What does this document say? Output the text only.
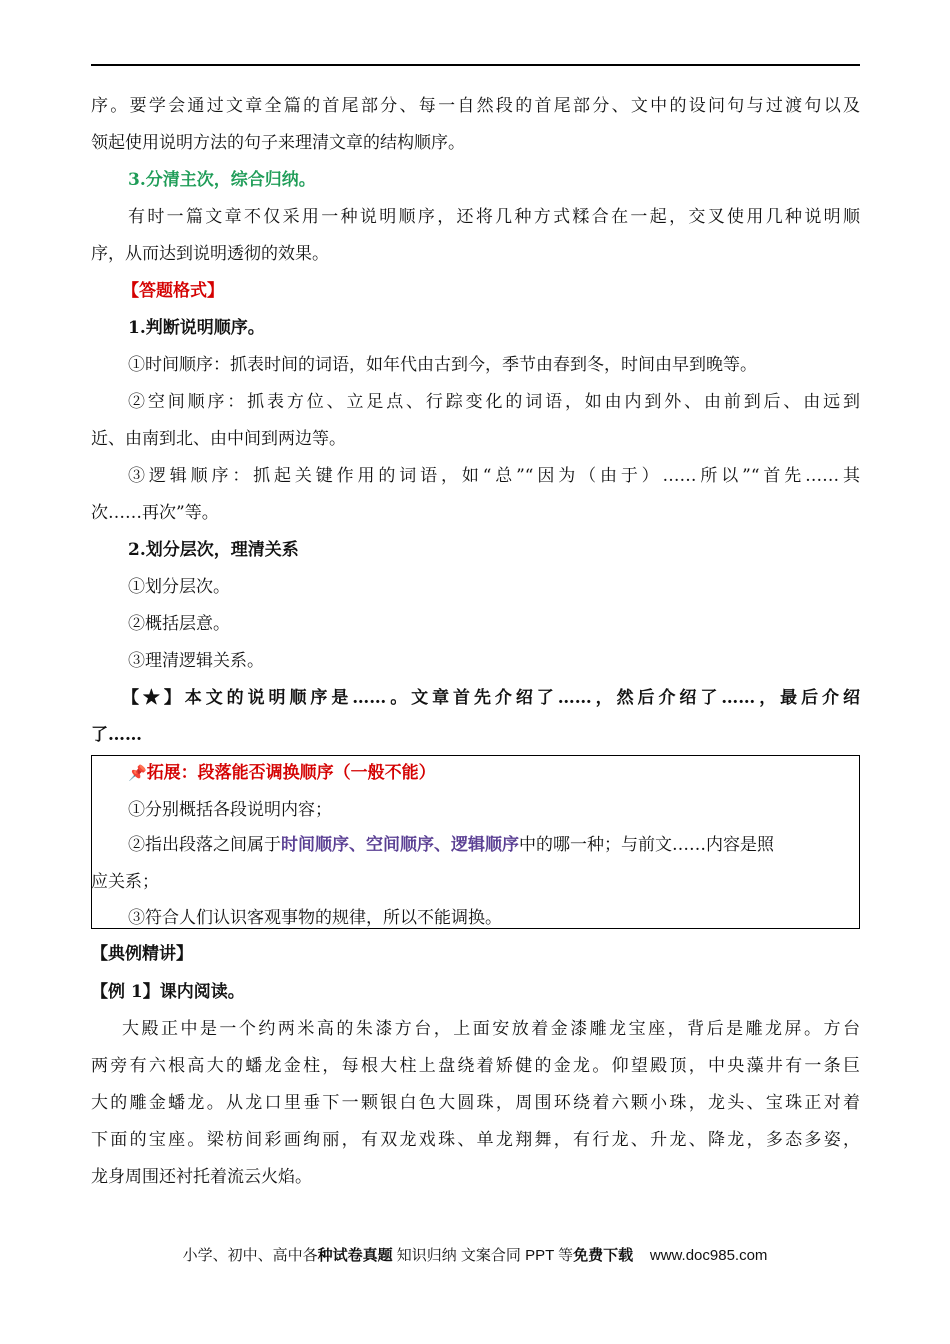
序。要学会通过文章全篇的首尾部分、每一自然段的首尾部分、文中的设问句与过渡句以及
领起使用说明方法的句子来理清文章的结构顺序。
3.分清主次，综合归纳。
有时一篇文章不仅采用一种说明顺序，还将几种方式糅合在一起，交叉使用几种说明顺
序，从而达到说明透彻的效果。
【答题格式】
1.判断说明顺序。
①时间顺序：抓表时间的词语，如年代由古到今，季节由春到冬，时间由早到晚等。
②空间顺序：抓表方位、立足点、行踪变化的词语，如由内到外、由前到后、由远到
近、由南到北、由中间到两边等。
③逻辑顺序：抓起关键作用的词语，如“总”“因为（由于）……所以”“首先……其
次……再次”等。
2.划分层次，理清关系
①划分层次。
②概括层意。
③理清逻辑关系。
【★】本文的说明顺序是……。文章首先介绍了……，然后介绍了……，最后介绍
了……
📌拓展：段落能否调换顺序（一般不能）
①分别概括各段说明内容；
②指出段落之间属于时间顺序、空间顺序、逻辑顺序中的哪一种；与前文……内容是照
应关系；
③符合人们认识客观事物的规律，所以不能调换。
【典例精讲】
【例 1】课内阅读。
大殿正中是一个约两米高的朱漆方台，上面安放着金漆雕龙宝座，背后是雕龙屏。方台
两旁有六根高大的蟠龙金柱，每根大柱上盘绕着矫健的金龙。仰望殿顶，中央藻井有一条巨
大的雕金蟠龙。从龙口里垂下一颗银白色大圆珠，周围环绕着六颗小珠，龙头、宝珠正对着
下面的宝座。梁枋间彩画绚丽，有双龙戏珠、单龙翔舞，有行龙、升龙、降龙，多态多姿，
龙身周围还衬托着流云火焰。
小学、初中、高中各种试卷真题 知识归纳 文案合同 PPT 等免费下载 www.doc985.com
